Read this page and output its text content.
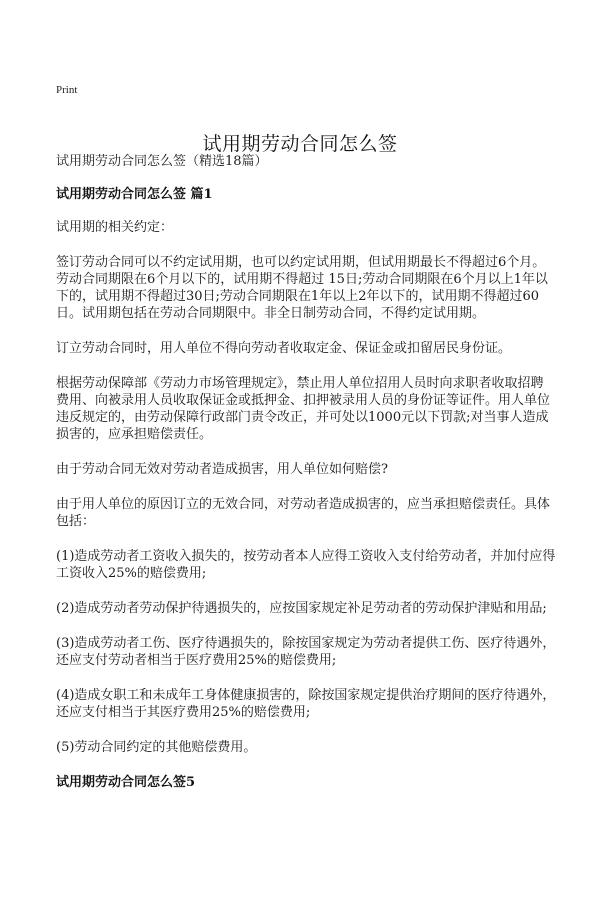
Print
试用期劳动合同怎么签

试用期劳动合同怎么签（精选18篇）

试用期劳动合同怎么签 篇1

试用期的相关约定：

签订劳动合同可以不约定试用期，也可以约定试用期，但试用期最长不得超过6个月。劳动合同期限在6个月以下的，试用期不得超过 15日;劳动合同期限在6个月以上1年以下的，试用期不得超过30日;劳动合同期限在1年以上2年以下的，试用期不得超过60日。试用期包括在劳动合同期限中。非全日制劳动合同，不得约定试用期。

订立劳动合同时，用人单位不得向劳动者收取定金、保证金或扣留居民身份证。

根据劳动保障部《劳动力市场管理规定》，禁止用人单位招用人员时向求职者收取招聘费用、向被录用人员收取保证金或抵押金、扣押被录用人员的身份证等证件。用人单位违反规定的，由劳动保障行政部门责令改正，并可处以1000元以下罚款;对当事人造成损害的，应承担赔偿责任。

由于劳动合同无效对劳动者造成损害，用人单位如何赔偿?

由于用人单位的原因订立的无效合同，对劳动者造成损害的，应当承担赔偿责任。具体包括：

(1)造成劳动者工资收入损失的，按劳动者本人应得工资收入支付给劳动者，并加付应得工资收入25%的赔偿费用;

(2)造成劳动者劳动保护待遇损失的，应按国家规定补足劳动者的劳动保护津贴和用品;

(3)造成劳动者工伤、医疗待遇损失的，除按国家规定为劳动者提供工伤、医疗待遇外，还应支付劳动者相当于医疗费用25%的赔偿费用;

(4)造成女职工和未成年工身体健康损害的，除按国家规定提供治疗期间的医疗待遇外，还应支付相当于其医疗费用25%的赔偿费用;

(5)劳动合同约定的其他赔偿费用。

试用期劳动合同怎么签5
